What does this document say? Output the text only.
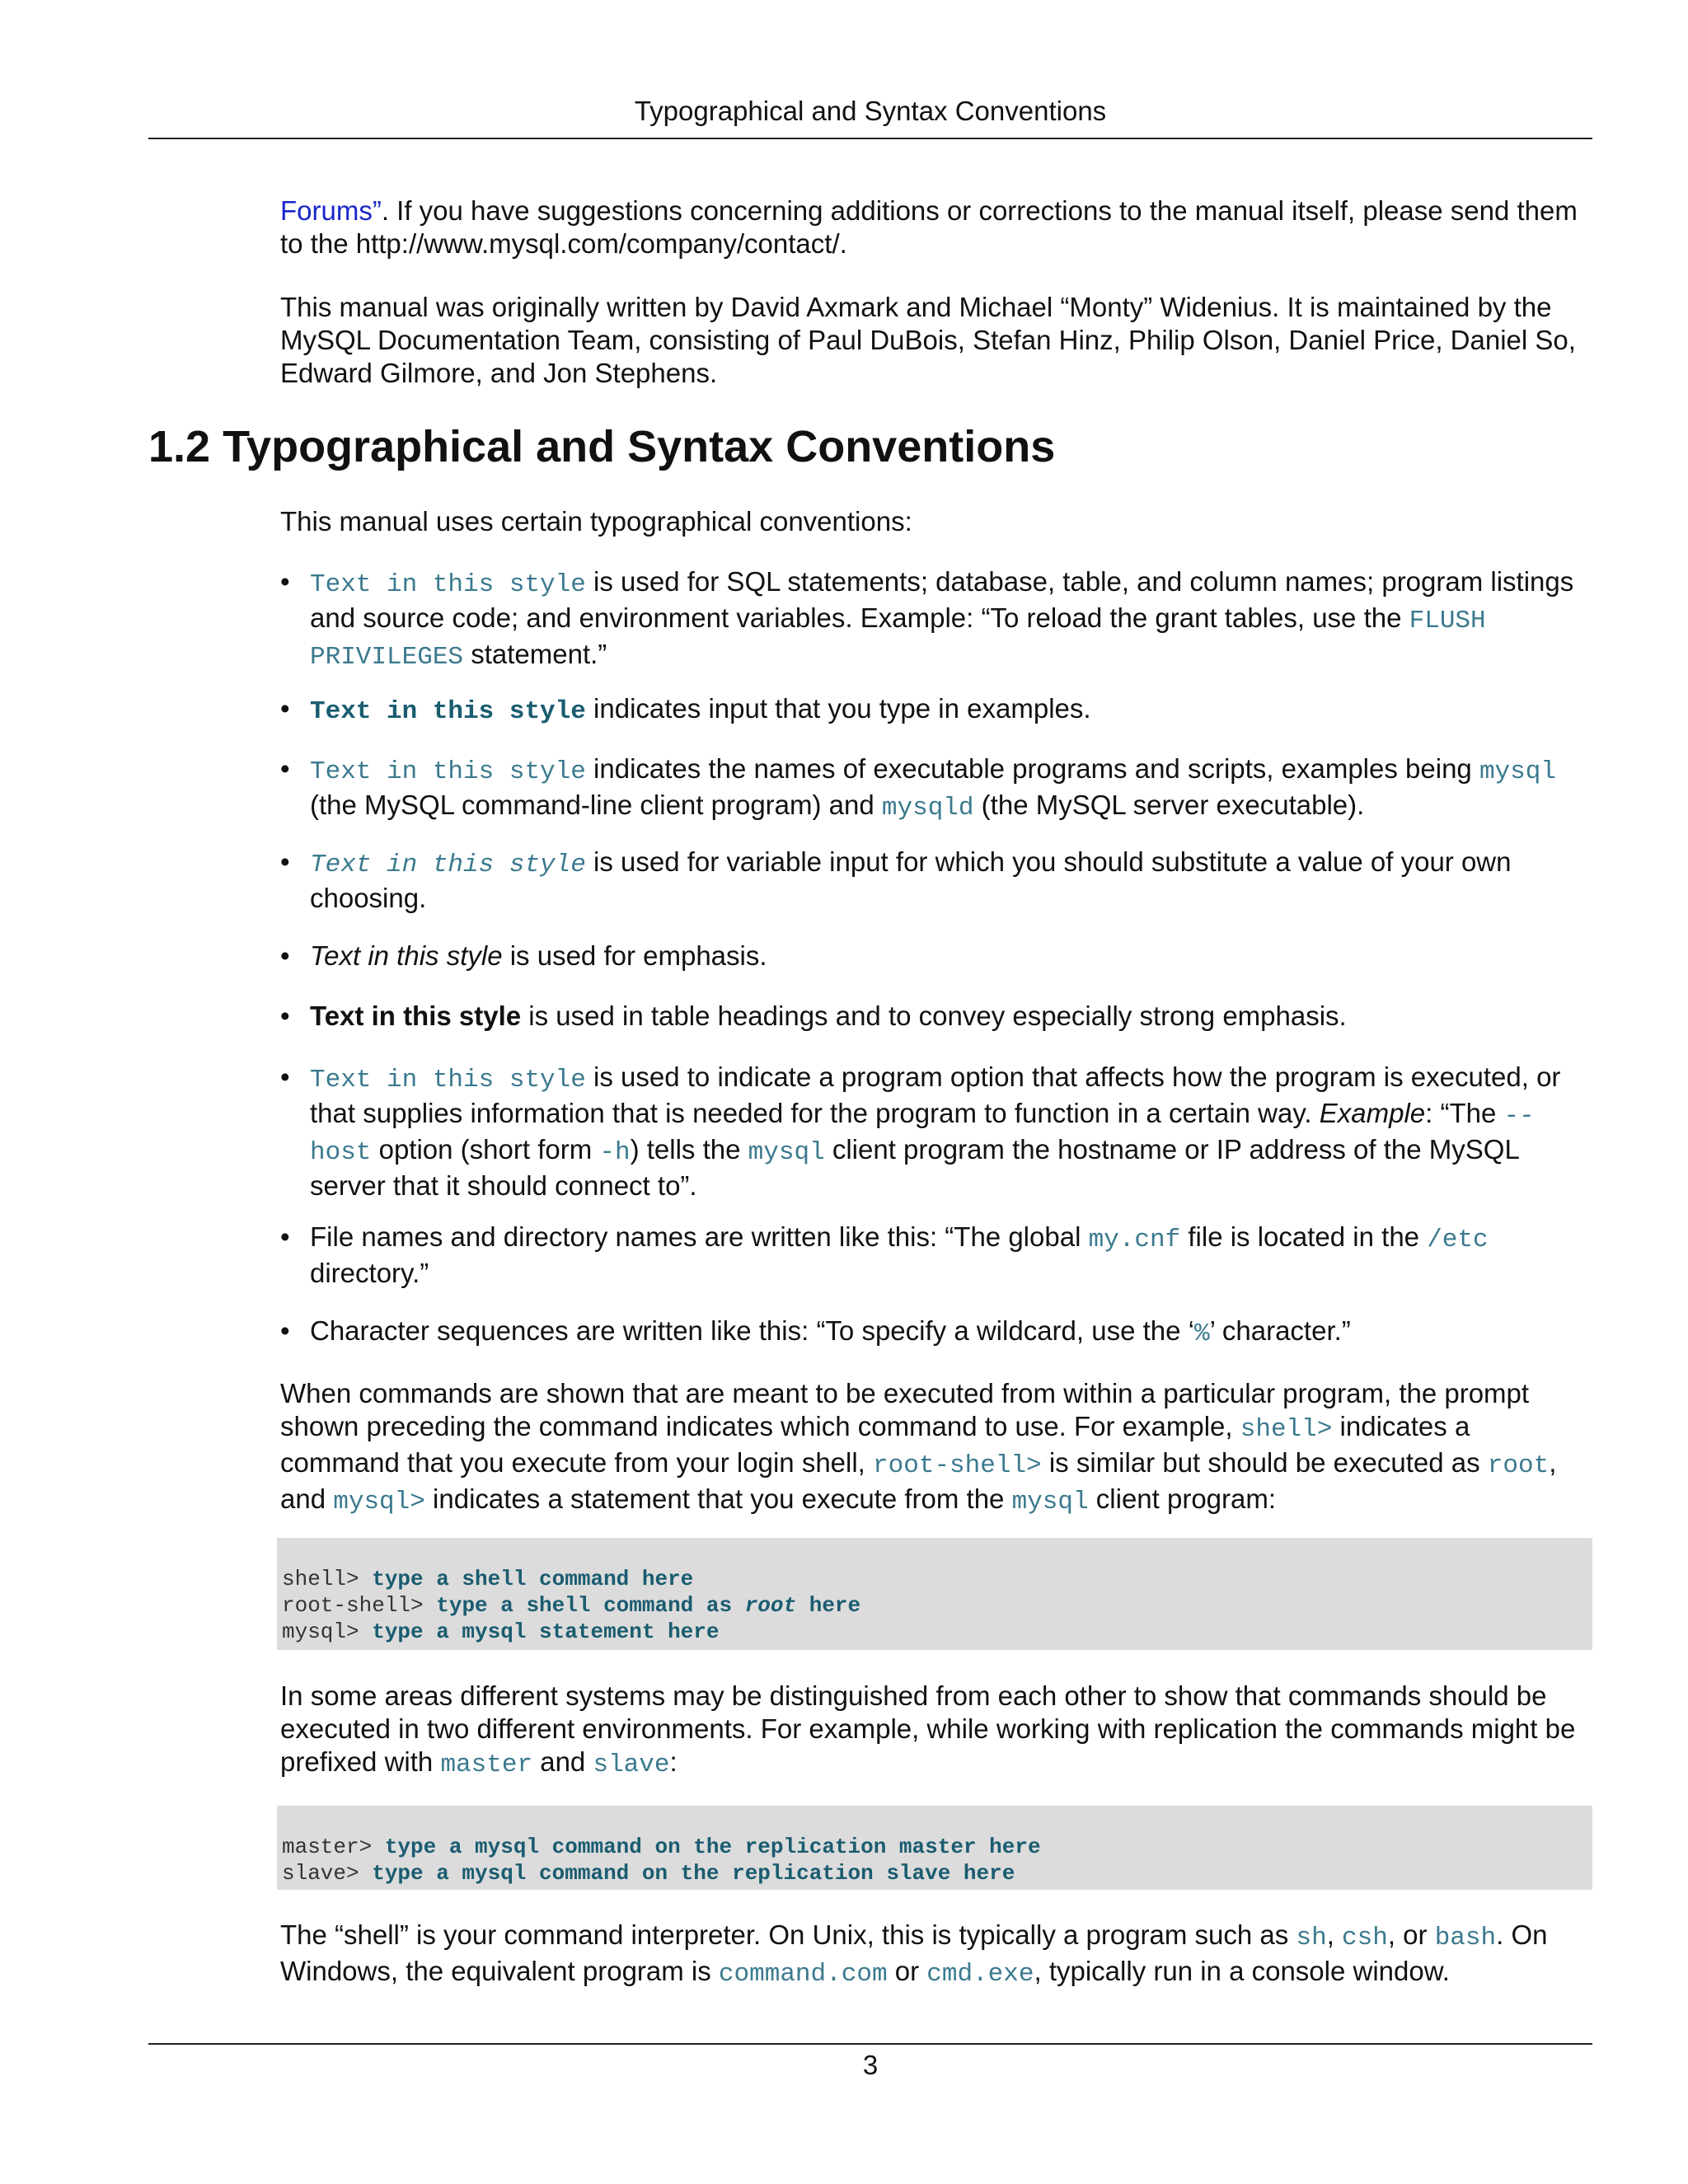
Typographical and Syntax Conventions

Forums”. If you have suggestions concerning additions or corrections to the manual itself, please send them to the http://www.mysql.com/company/contact/.

This manual was originally written by David Axmark and Michael “Monty” Widenius. It is maintained by the MySQL Documentation Team, consisting of Paul DuBois, Stefan Hinz, Philip Olson, Daniel Price, Daniel So, Edward Gilmore, and Jon Stephens.

1.2 Typographical and Syntax Conventions

This manual uses certain typographical conventions:

• Text in this style is used for SQL statements; database, table, and column names; program listings and source code; and environment variables. Example: “To reload the grant tables, use the FLUSH PRIVILEGES statement.”
• Text in this style indicates input that you type in examples.
• Text in this style indicates the names of executable programs and scripts, examples being mysql (the MySQL command-line client program) and mysqld (the MySQL server executable).
• Text in this style is used for variable input for which you should substitute a value of your own choosing.
• Text in this style is used for emphasis.
• Text in this style is used in table headings and to convey especially strong emphasis.
• Text in this style is used to indicate a program option that affects how the program is executed, or that supplies information that is needed for the program to function in a certain way. Example: “The --host option (short form -h) tells the mysql client program the hostname or IP address of the MySQL server that it should connect to”.
• File names and directory names are written like this: “The global my.cnf file is located in the /etc directory.”
• Character sequences are written like this: “To specify a wildcard, use the ‘%’ character.”

When commands are shown that are meant to be executed from within a particular program, the prompt shown preceding the command indicates which command to use. For example, shell> indicates a command that you execute from your login shell, root-shell> is similar but should be executed as root, and mysql> indicates a statement that you execute from the mysql client program:

shell> type a shell command here
root-shell> type a shell command as root here
mysql> type a mysql statement here

In some areas different systems may be distinguished from each other to show that commands should be executed in two different environments. For example, while working with replication the commands might be prefixed with master and slave:

master> type a mysql command on the replication master here
slave> type a mysql command on the replication slave here

The “shell” is your command interpreter. On Unix, this is typically a program such as sh, csh, or bash. On Windows, the equivalent program is command.com or cmd.exe, typically run in a console window.

3
